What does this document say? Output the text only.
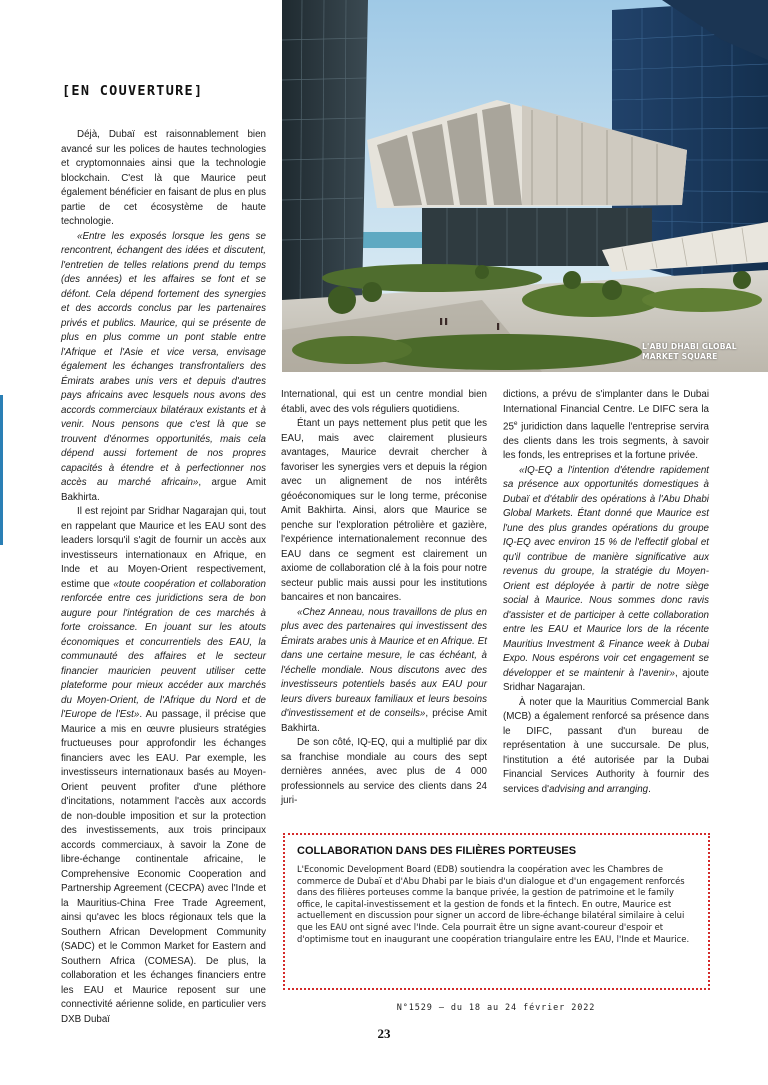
L'ABU DHABI GLOBAL
MARKET SQUARE
[EN COUVERTURE]

Déjà, Dubaï est raisonnablement bien avancé sur les polices de hautes technologies et cryptomonnaies ainsi que la technologie blockchain. C'est là que Maurice peut également bénéficier en faisant de plus en plus partie de cet écosystème de haute technologie.

«Entre les exposés lorsque les gens se rencontrent, échangent des idées et discutent, l'entretien de telles relations prend du temps (des années) et les affaires se font et se défont. Cela dépend fortement des synergies et des accords conclus par les partenaires privés et publics. Maurice, qui se présente de plus en plus comme un pont stable entre l'Afrique et l'Asie et vice versa, envisage également les échanges transfrontaliers des Émirats arabes unis vers et depuis d'autres pays africains avec lesquels nous avons des accords commerciaux bilatéraux existants et à venir. Nous pensons que c'est là que se trouvent d'énormes opportunités, mais cela dépend aussi fortement de nos propres capacités à étendre et à perfectionner nos accès au marché africain», argue Amit Bakhirta.

Il est rejoint par Sridhar Nagarajan qui, tout en rappelant que Maurice et les EAU sont des leaders lorsqu'il s'agit de fournir un accès aux investisseurs internationaux en Afrique, en Inde et au Moyen-Orient respectivement, estime que «toute coopération et collaboration renforcée entre ces juridictions sera de bon augure pour l'intégration de ces marchés à forte croissance. En jouant sur les atouts économiques et concurrentiels des EAU, la communauté des affaires et le secteur financier mauricien peuvent utiliser cette plateforme pour mieux accéder aux marchés du Moyen-Orient, de l'Afrique du Nord et de l'Europe de l'Est». Au passage, il précise que Maurice a mis en œuvre plusieurs stratégies fructueuses pour approfondir les échanges financiers avec les EAU. Par exemple, les investisseurs internationaux basés au Moyen-Orient peuvent profiter d'une pléthore d'incitations, notamment l'accès aux accords de non-double imposition et sur la protection des investissements, aux trois principaux accords commerciaux, à savoir la Zone de libre-échange continentale africaine, le Comprehensive Economic Cooperation and Partnership Agreement (CECPA) avec l'Inde et la Mauritius-China Free Trade Agreement, ainsi qu'avec les blocs régionaux tels que la Southern African Development Community (SADC) et le Common Market for Eastern and Southern Africa (COMESA). De plus, la collaboration et les échanges financiers entre les EAU et Maurice reposent sur une connectivité aérienne solide, en particulier vers DXB Dubaï

International, qui est un centre mondial bien établi, avec des vols réguliers quotidiens.

Étant un pays nettement plus petit que les EAU, mais avec clairement plusieurs avantages, Maurice devrait chercher à favoriser les synergies vers et depuis la région avec un alignement de nos intérêts géoéconomiques sur le long terme, préconise Amit Bakhirta. Ainsi, alors que Maurice se penche sur l'exploration pétrolière et gazière, l'expérience internationalement reconnue des EAU dans ce segment est clairement un axiome de collaboration clé à la fois pour notre secteur public mais aussi pour les institutions bancaires et non bancaires.

«Chez Anneau, nous travaillons de plus en plus avec des partenaires qui investissent des Émirats arabes unis à Maurice et en Afrique. Et dans une certaine mesure, le cas échéant, à l'échelle mondiale. Nous discutons avec des investisseurs potentiels basés aux EAU pour leurs divers bureaux familiaux et leurs besoins d'investissement et de conseils», précise Amit Bakhirta.

De son côté, IQ-EQ, qui a multiplié par dix sa franchise mondiale au cours des sept dernières années, avec plus de 4 000 professionnels au service des clients dans 24 juri-

dictions, a prévu de s'implanter dans le Dubai International Financial Centre. Le DIFC sera la 25e juridiction dans laquelle l'entreprise servira des clients dans les trois segments, à savoir les fonds, les entreprises et la fortune privée.

«IQ-EQ a l'intention d'étendre rapidement sa présence aux opportunités domestiques à Dubaï et d'établir des opérations à l'Abu Dhabi Global Markets. Étant donné que Maurice est l'une des plus grandes opérations du groupe IQ-EQ avec environ 15 % de l'effectif global et qu'il contribue de manière significative aux revenus du groupe, la stratégie du Moyen-Orient est déployée à partir de notre siège social à Maurice. Nous sommes donc ravis d'assister et de participer à cette collaboration entre les EAU et Maurice lors de la récente Mauritius Investment & Finance week à Dubai Expo. Nous espérons voir cet engagement se développer et se maintenir à l'avenir», ajoute Sridhar Nagarajan.

À noter que la Mauritius Commercial Bank (MCB) a également renforcé sa présence dans le DIFC, passant d'un bureau de représentation à une succursale. De plus, l'institution a été autorisée par la Dubai Financial Services Authority à fournir des services d'advising and arranging.

COLLABORATION DANS DES FILIÈRES PORTEUSES
L'Economic Development Board (EDB) soutiendra la coopération avec les Chambres de commerce de Dubaï et d'Abu Dhabi par le biais d'un dialogue et d'un engagement renforcés dans des filières porteuses comme la banque privée, la gestion de patrimoine et le family office, le capital-investissement et la gestion de fonds et la fintech. En outre, Maurice est actuellement en discussion pour signer un accord de libre-échange bilatéral similaire à celui que les EAU ont signé avec l'Inde. Cela pourrait être un signe avant-coureur d'espoir et d'optimisme tout en inaugurant une coopération triangulaire entre les EAU, l'Inde et Maurice.
N°1529 – du 18 au 24 février 2022
23
